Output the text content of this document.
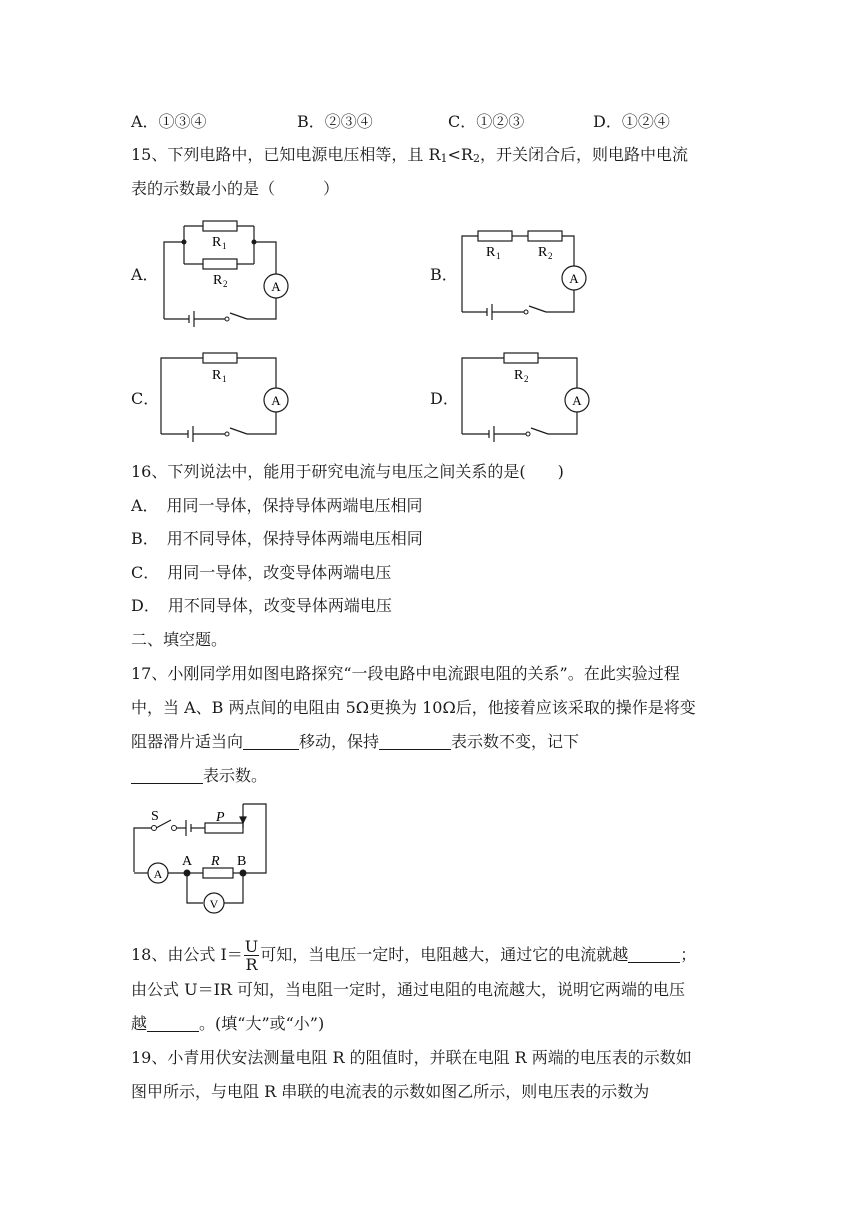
A．①③④	B．②③④	C．①②③	D．①②④
15、下列电路中，已知电源电压相等，且 $R_1<R_2$，开关闭合后，则电路中电流
表的示数最小的是（　　　）
A．	B．
C．	D．
R 1
R 2	A
R 1	R 2
A
R 1
A
R 2
A
16、下列说法中，能用于研究电流与电压之间关系的是(　　)
A．　用同一导体，保持导体两端电压相同
B．　用不同导体，保持导体两端电压相同
C．　用同一导体，改变导体两端电压
D．　用不同导体，改变导体两端电压
二、填空题。
17、小刚同学用如图电路探究“一段电路中电流跟电阻的关系”。在此实验过程
中，当 A、B 两点间的电阻由 5Ω更换为 10Ω后，他接着应该采取的操作是将变
阻器滑片适当向	移动，保持	表示数不变，记下
表示数。
S	P
R
A	B
A
V
18、由公式 $I= \frac{U}{R}$ 可知，当电压一定时，电阻越大，通过它的电流就越	；
由公式 U＝IR 可知，当电阻一定时，通过电阻的电流越大，说明它两端的电压
越	。(填“大”或“小”)
19、小青用伏安法测量电阻 R 的阻值时，并联在电阻 R 两端的电压表的示数如
图甲所示，与电阻 R 串联的电流表的示数如图乙所示，则电压表的示数为
